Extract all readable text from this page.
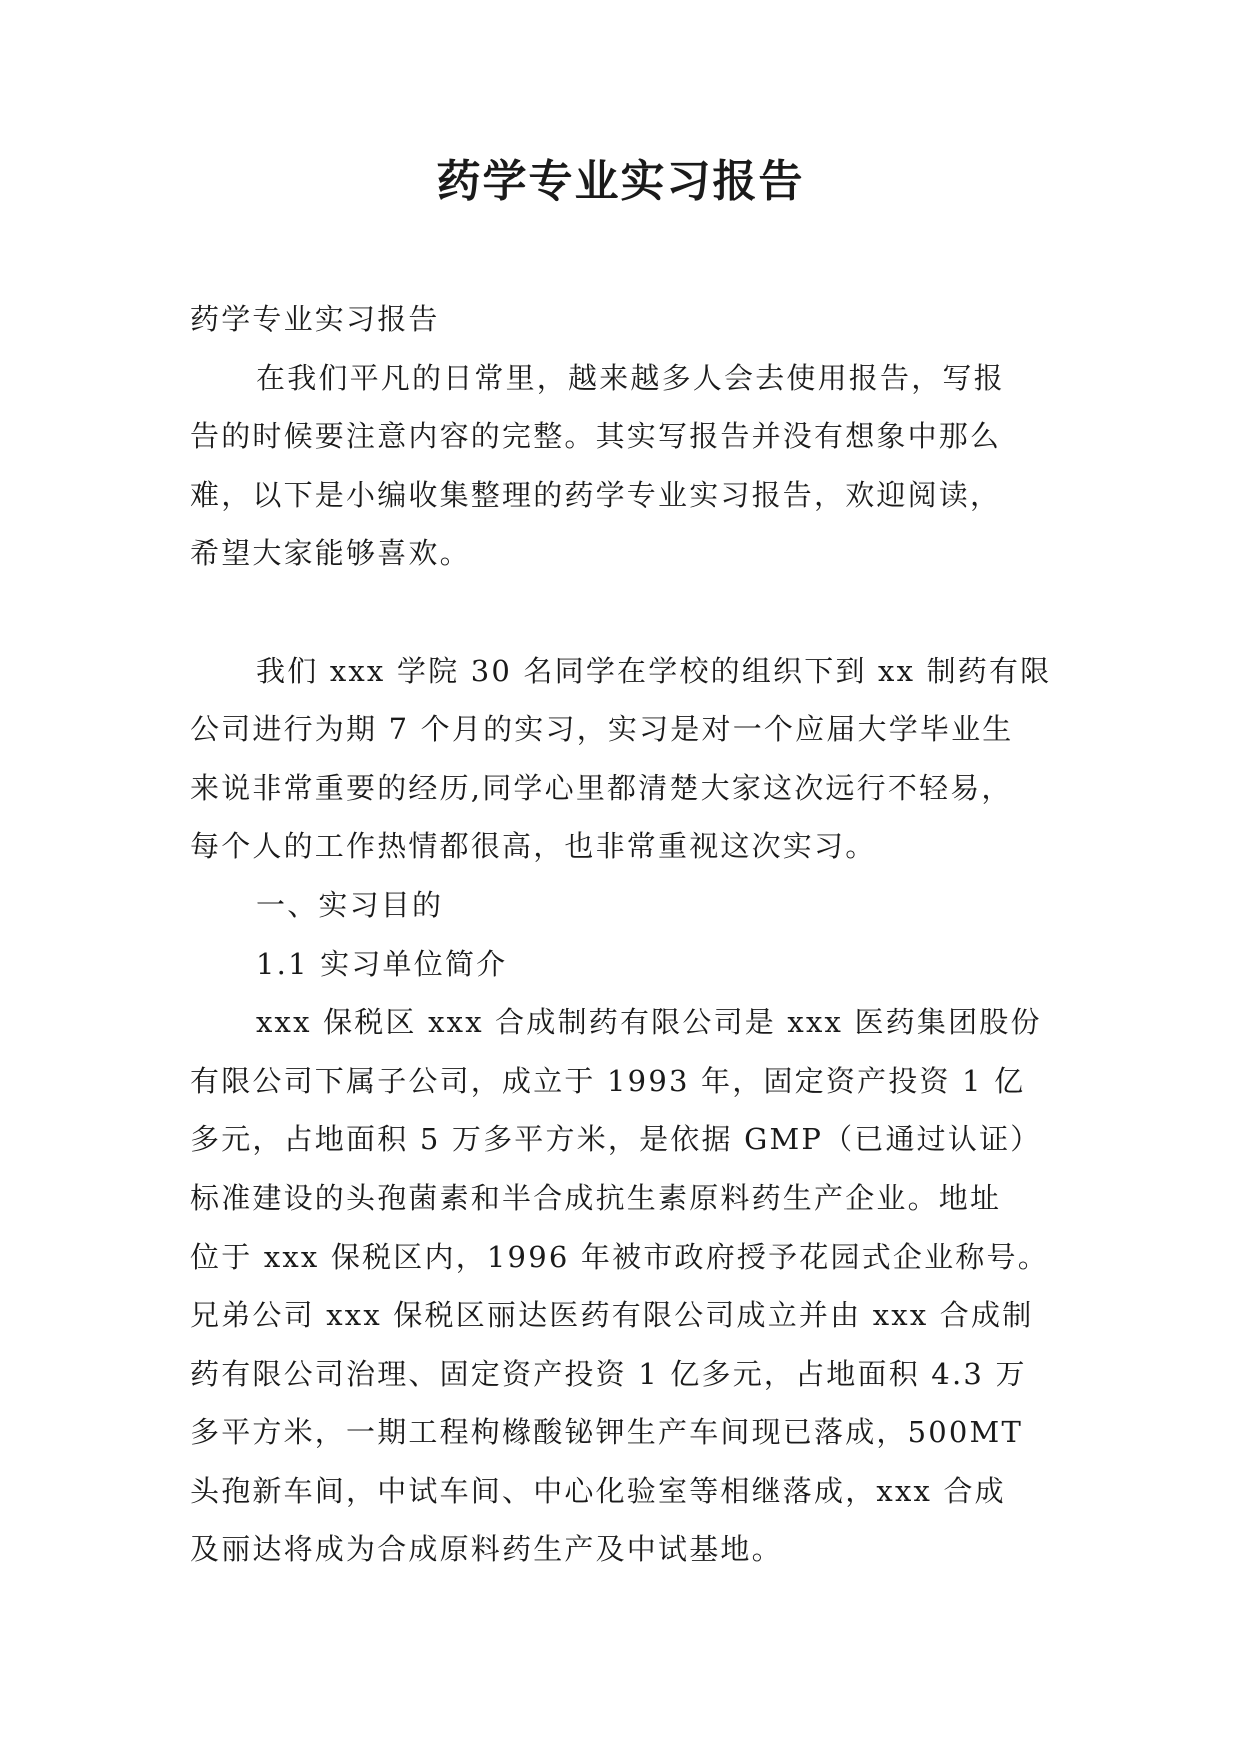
药学专业实习报告
药学专业实习报告
在我们平凡的日常里，越来越多人会去使用报告，写报
告的时候要注意内容的完整。其实写报告并没有想象中那么
难，以下是小编收集整理的药学专业实习报告，欢迎阅读，
希望大家能够喜欢。
我们 xxx 学院 30 名同学在学校的组织下到 xx 制药有限
公司进行为期 7 个月的实习，实习是对一个应届大学毕业生
来说非常重要的经历,同学心里都清楚大家这次远行不轻易，
每个人的工作热情都很高，也非常重视这次实习。
一、实习目的
1.1 实习单位简介
xxx 保税区 xxx 合成制药有限公司是 xxx 医药集团股份
有限公司下属子公司，成立于 1993 年，固定资产投资 1 亿
多元，占地面积 5 万多平方米，是依据 GMP（已通过认证）
标准建设的头孢菌素和半合成抗生素原料药生产企业。地址
位于 xxx 保税区内，1996 年被市政府授予花园式企业称号。
兄弟公司 xxx 保税区丽达医药有限公司成立并由 xxx 合成制
药有限公司治理、固定资产投资 1 亿多元，占地面积 4.3 万
多平方米，一期工程枸橼酸铋钾生产车间现已落成，500MT
头孢新车间，中试车间、中心化验室等相继落成，xxx 合成
及丽达将成为合成原料药生产及中试基地。
